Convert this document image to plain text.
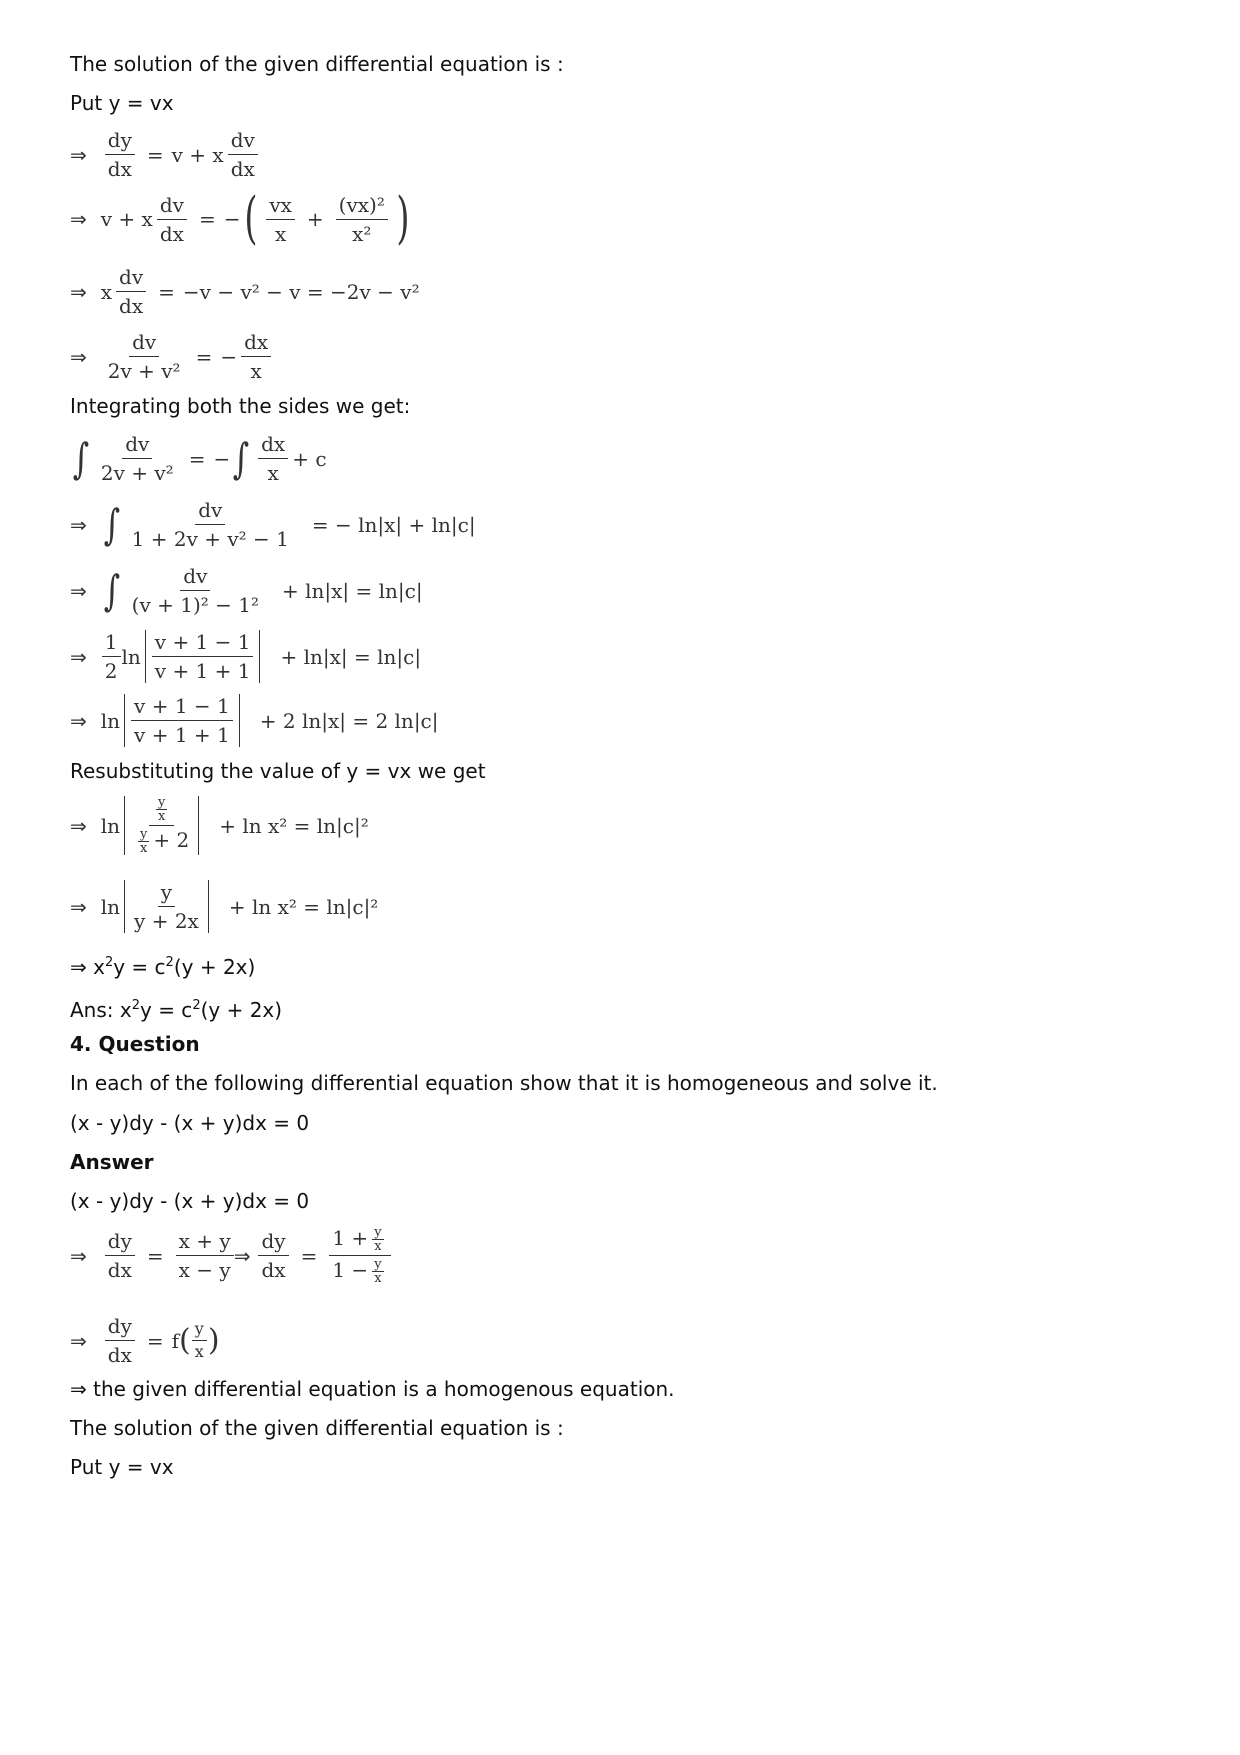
The solution of the given differential equation is :
Put y = vx
⇒ $\frac{dy}{dx} = v + x \frac{dv}{dx}$
⇒ v + x $\frac{dv}{dx}$ = − ( $\frac{vx}{x} + \frac{\text{(vx)²}}{\text{x²}}$ )
⇒ x $\frac{dv}{dx} = -v - v^2 - v = -2v - v^2$
⇒ $\frac{dv}{\text{2v + v²}}$ = − $\frac{dx}{x}$
Integrating both the sides we get:
∫ $\frac{dv}{\text{2v + v²}}$ = − ∫ $\frac{dx}{x} + c$
⇒ ∫ $\frac{dv}{\text{1 + 2v + v² − 1}}$ = − ln|x| + ln|c|
⇒ ∫ $\frac{dv}{\text{(v + 1)² − 1²}} + \ln|x| = \ln|c|$
⇒ $\frac{1}{2}$ $\ln \frac{v + 1 - 1}{v + 1 + 1} + \ln|x| = \ln|c|$
⇒ $\ln \frac{v + 1 - 1}{v + 1 + 1} + 2$ ln|x| = 2 ln|c|
Resubstituting the value of y = vx we get
⇒ $\ln \frac{\frac{y}{x}}{\frac{y}{x} + 2} + \ln x^2 = \ln|c|^2$
⇒ $\ln \frac{y}{y + 2x} + \ln x^2 = \ln|c|^2$
⇒ $x^2y = c^2(y + 2x)$
Ans: $x^2y = c^2(y + 2x)$
4. Question
In each of the following differential equation show that it is homogeneous and solve it.
(x - y)dy - (x + y)dx = 0
Answer
(x - y)dy - (x + y)dx = 0
⇒ $\frac{dy}{dx} = \frac{x + y}{x - y}$ ⇒ $\frac{dy}{dx} = \frac{1 + \frac{y}{x}}{1 - \frac{y}{x}}$
⇒ $\frac{dy}{dx} = f$ ( $\frac{y}{x}$ )
⇒ the given differential equation is a homogenous equation.
The solution of the given differential equation is :
Put y = vx
